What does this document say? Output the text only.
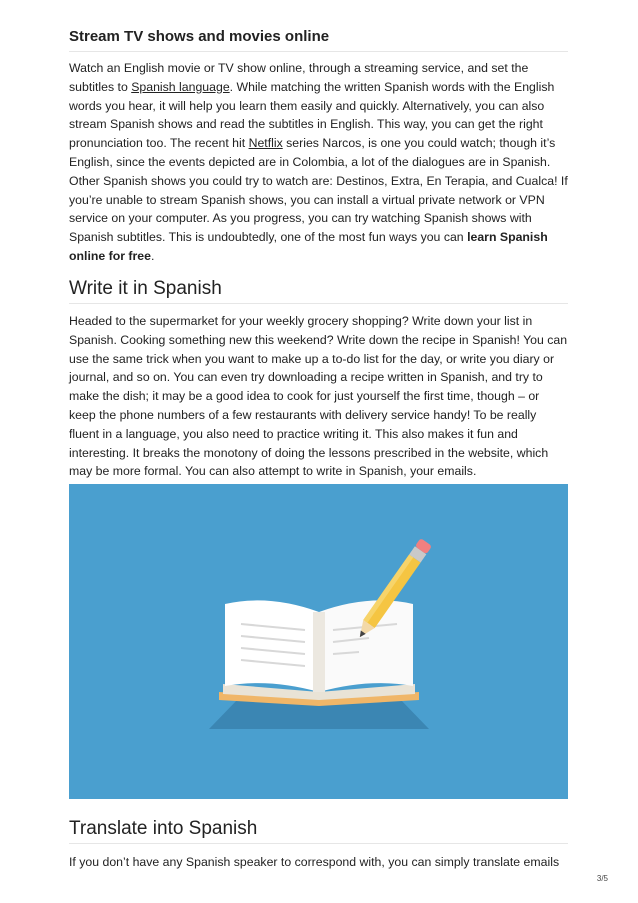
Stream TV shows and movies online

Watch an English movie or TV show online, through a streaming service, and set the subtitles to Spanish language. While matching the written Spanish words with the English words you hear, it will help you learn them easily and quickly. Alternatively, you can also stream Spanish shows and read the subtitles in English. This way, you can get the right pronunciation too. The recent hit Netflix series Narcos, is one you could watch; though it’s English, since the events depicted are in Colombia, a lot of the dialogues are in Spanish. Other Spanish shows you could try to watch are: Destinos, Extra, En Terapia, and Cualca! If you’re unable to stream Spanish shows, you can install a virtual private network or VPN service on your computer. As you progress, you can try watching Spanish shows with Spanish subtitles. This is undoubtedly, one of the most fun ways you can learn Spanish online for free.

Write it in Spanish

Headed to the supermarket for your weekly grocery shopping? Write down your list in Spanish. Cooking something new this weekend? Write down the recipe in Spanish! You can use the same trick when you want to make up a to-do list for the day, or write you diary or journal, and so on. You can even try downloading a recipe written in Spanish, and try to make the dish; it may be a good idea to cook for just yourself the first time, though – or keep the phone numbers of a few restaurants with delivery service handy! To be really fluent in a language, you also need to practice writing it. This also makes it fun and interesting. It breaks the monotony of doing the lessons prescribed in the website, which may be more formal. You can also attempt to write in Spanish, your emails.

Translate into Spanish

If you don’t have any Spanish speaker to correspond with, you can simply translate emails

3/5
